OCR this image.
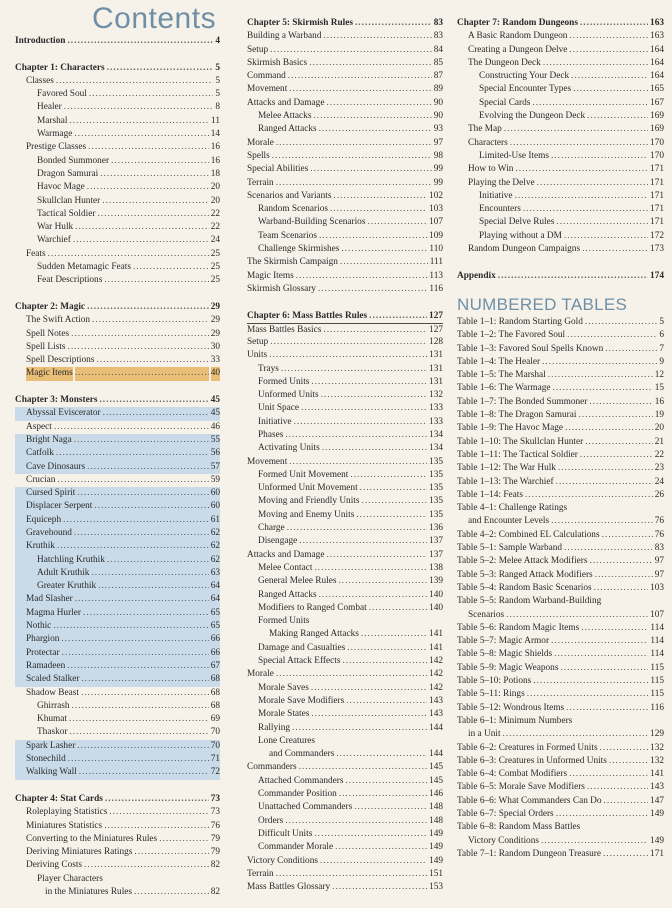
Contents
Introduction .....	4
Chapter 1: Characters .....	5
Classes .....	5
Favored Soul .....	5
Healer .....	8
Marshal .....	11
Warmage .....	14
Prestige Classes .....	16
Bonded Summoner .....	16
Dragon Samurai .....	18
Havoc Mage .....	20
Skullclan Hunter .....	20
Tactical Soldier .....	22
War Hulk .....	22
Warchief .....	24
Feats .....	25
Sudden Metamagic Feats .....	25
Feat Descriptions .....	25
Chapter 2: Magic .....	29
The Swift Action .....	29
Spell Notes .....	29
Spell Lists .....	30
Spell Descriptions .....	33
Magic Items .....	40
Chapter 3: Monsters .....	45
Abyssal Eviscerator .....	45
Aspect .....	46
Bright Naga .....	55
Catfolk .....	56
Cave Dinosaurs .....	57
Crucian .....	59
Cursed Spirit .....	60
Displacer Serpent .....	60
Equiceph .....	61
Gravehound .....	62
Kruthik .....	62
Hatchling Kruthik .....	62
Adult Kruthik .....	63
Greater Kruthik .....	64
Mad Slasher .....	64
Magma Hurler .....	65
Nothic .....	65
Phargion .....	66
Protectar .....	66
Ramadeen .....	67
Scaled Stalker .....	68
Shadow Beast .....	68
Ghirrash .....	68
Khumat .....	69
Thaskor .....	70
Spark Lasher .....	70
Stonechild .....	71
Walking Wall .....	72
Chapter 4: Stat Cards .....	73
Roleplaying Statistics .....	73
Miniatures Statistics .....	76
Converting to the Miniatures Rules .....	79
Deriving Miniatures Ratings .....	79
Deriving Costs .....	82
Player Characters
in the Miniatures Rules .....	82
Chapter 5: Skirmish Rules .....	83
Building a Warband .....	83
Setup .....	84
Skirmish Basics .....	85
Command .....	87
Movement .....	89
Attacks and Damage .....	90
Melee Attacks .....	90
Ranged Attacks .....	93
Morale .....	97
Spells .....	98
Special Abilities .....	99
Terrain .....	99
Scenarios and Variants .....	102
Random Scenarios .....	103
Warband-Building Scenarios .....	107
Team Scenarios .....	109
Challenge Skirmishes .....	110
The Skirmish Campaign .....	111
Magic Items .....	113
Skirmish Glossary .....	116
Chapter 6: Mass Battles Rules .....	127
Mass Battles Basics .....	127
Setup .....	128
Units .....	131
Trays .....	131
Formed Units .....	131
Unformed Units .....	132
Unit Space .....	133
Initiative .....	133
Phases .....	134
Activating Units .....	134
Movement .....	135
Formed Unit Movement .....	135
Unformed Unit Movement .....	135
Moving and Friendly Units .....	135
Moving and Enemy Units .....	135
Charge .....	136
Disengage .....	137
Attacks and Damage .....	137
Melee Contact .....	138
General Melee Rules .....	139
Ranged Attacks .....	140
Modifiers to Ranged Combat .....	140
Formed Units
Making Ranged Attacks .....	141
Damage and Casualties .....	141
Special Attack Effects .....	142
Morale .....	142
Morale Saves .....	142
Morale Save Modifiers .....	143
Morale States .....	143
Rallying .....	144
Lone Creatures
and Commanders .....	144
Commanders .....	145
Attached Commanders .....	145
Commander Position .....	146
Unattached Commanders .....	148
Orders .....	148
Difficult Units .....	149
Commander Morale .....	149
Victory Conditions .....	149
Terrain .....	151
Mass Battles Glossary .....	153
Chapter 7: Random Dungeons .....	163
A Basic Random Dungeon .....	163
Creating a Dungeon Delve .....	164
The Dungeon Deck .....	164
Constructing Your Deck .....	164
Special Encounter Types .....	165
Special Cards .....	167
Evolving the Dungeon Deck .....	169
The Map .....	169
Characters .....	170
Limited-Use Items .....	170
How to Win .....	171
Playing the Delve .....	171
Initiative .....	171
Encounters .....	171
Special Delve Rules .....	171
Playing without a DM .....	172
Random Dungeon Campaigns .....	173
Appendix .....	174
NUMBERED TABLES
Table 1–1: Random Starting Gold .....	5
Table 1–2: The Favored Soul .....	6
Table 1–3: Favored Soul Spells Known .....	7
Table 1–4: The Healer .....	9
Table 1–5: The Marshal .....	12
Table 1–6: The Warmage .....	15
Table 1–7: The Bonded Summoner .....	16
Table 1–8: The Dragon Samurai .....	19
Table 1–9: The Havoc Mage .....	20
Table 1–10: The Skullclan Hunter .....	21
Table 1–11: The Tactical Soldier .....	22
Table 1–12: The War Hulk .....	23
Table 1–13: The Warchief .....	24
Table 1–14: Feats .....	26
Table 4–1: Challenge Ratings
and Encounter Levels .....	76
Table 4–2: Combined EL Calculations .....	76
Table 5–1: Sample Warband .....	83
Table 5–2: Melee Attack Modifiers .....	97
Table 5–3: Ranged Attack Modifiers .....	97
Table 5–4: Random Basic Scenarios .....	103
Table 5–5: Random Warband-Building
Scenarios .....	107
Table 5–6: Random Magic Items .....	114
Table 5–7: Magic Armor .....	114
Table 5–8: Magic Shields .....	114
Table 5–9: Magic Weapons .....	115
Table 5–10: Potions .....	115
Table 5–11: Rings .....	115
Table 5–12: Wondrous Items .....	116
Table 6–1: Minimum Numbers
in a Unit .....	129
Table 6–2: Creatures in Formed Units .....	132
Table 6–3: Creatures in Unformed Units .....	132
Table 6–4: Combat Modifiers .....	141
Table 6–5: Morale Save Modifiers .....	143
Table 6–6: What Commanders Can Do .....	147
Table 6–7: Special Orders .....	149
Table 6–8: Random Mass Battles
Victory Conditions .....	149
Table 7–1: Random Dungeon Treasure .....	171
